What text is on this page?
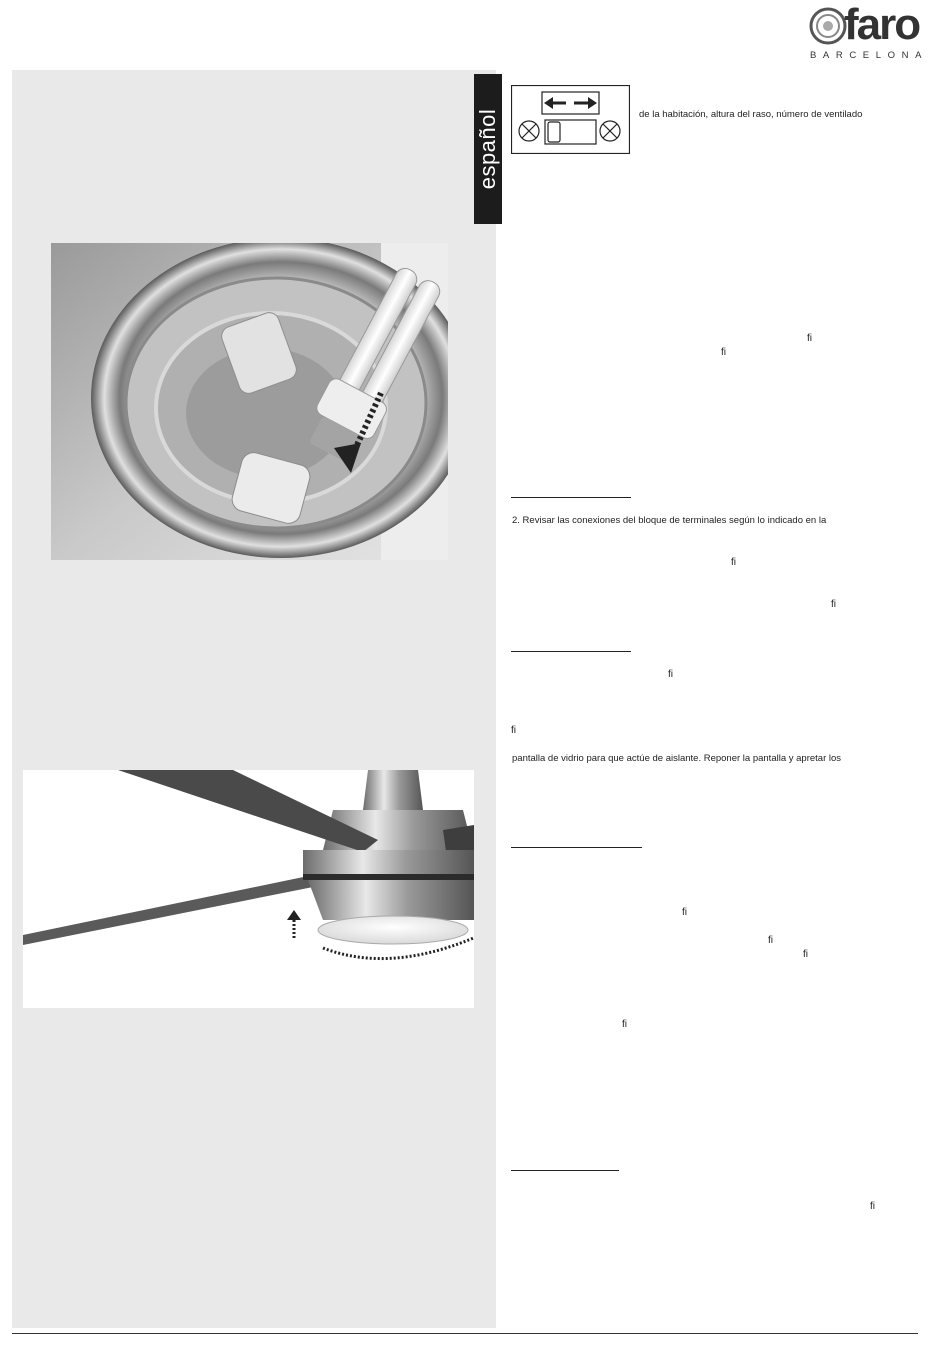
faro
BARCELONA
español	de la habitación, altura del raso, número de ventilado
ﬁ
ﬁ
2. Revisar las conexiones del bloque de terminales según lo indicado en la
ﬁ
ﬁ
ﬁ
ﬁ
pantalla de vidrio para que actúe de aislante. Reponer la pantalla y apretar los
ﬁ
ﬁ
ﬁ
ﬁ
ﬁ
